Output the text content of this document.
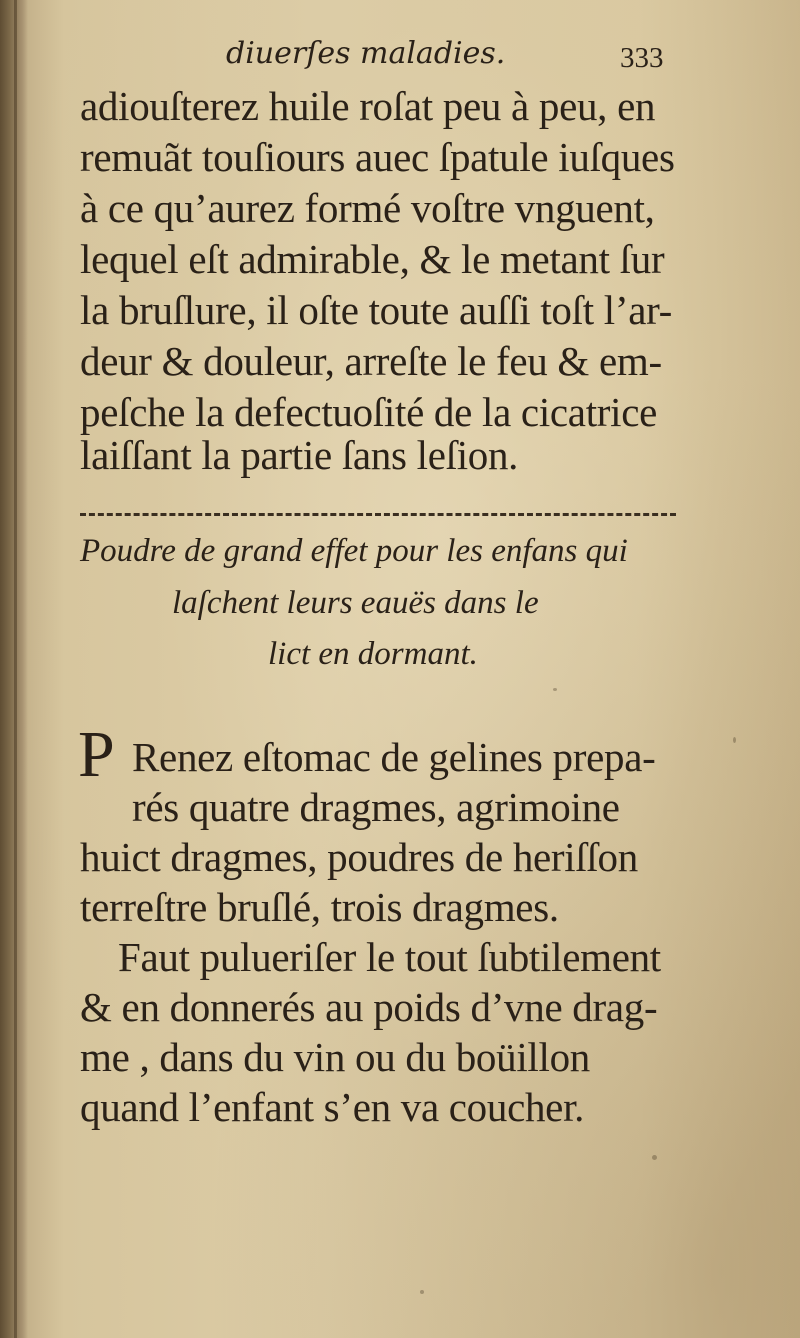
diuerſes maladies.	333
adiouſterez huile roſat peu à peu, en
remuãt touſiours auec ſpatule iuſques
à ce qu’aurez formé voſtre vnguent,
lequel eſt admirable, & le metant ſur
la bruſlure, il oſte toute auſſi toſt l’ar-
deur & douleur, arreſte le feu & em-
peſche la defectuoſité de la cicatrice
laiſſant la partie ſans leſion.
Poudre de grand effet pour les enfans qui
laſchent leurs eauës dans le
lict en dormant.
P Renez eſtomac de gelines prepa-
rés quatre dragmes, agrimoine
huict dragmes, poudres de heriſſon
terreſtre bruſlé, trois dragmes.
Faut pulueriſer le tout ſubtilement
& en donnerés au poids d’vne drag-
me , dans du vin ou du boüillon
quand l’enfant s’en va coucher.
